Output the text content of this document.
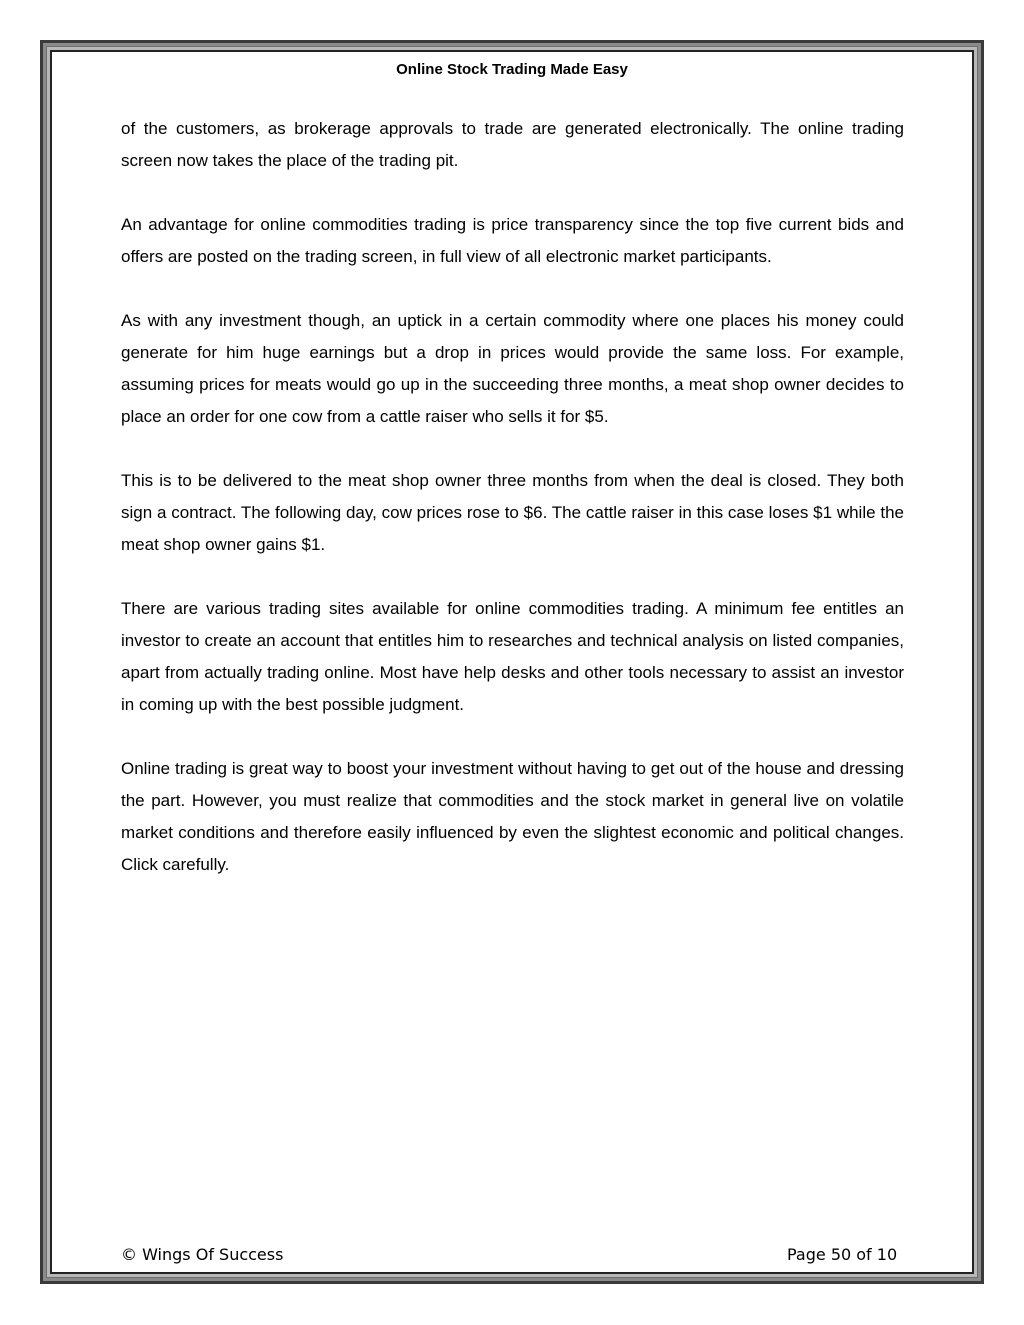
Online Stock Trading Made Easy

of the customers, as brokerage approvals to trade are generated electronically. The online trading screen now takes the place of the trading pit.

An advantage for online commodities trading is price transparency since the top five current bids and offers are posted on the trading screen, in full view of all electronic market participants.

As with any investment though, an uptick in a certain commodity where one places his money could generate for him huge earnings but a drop in prices would provide the same loss. For example, assuming prices for meats would go up in the succeeding three months, a meat shop owner decides to place an order for one cow from a cattle raiser who sells it for $5.

This is to be delivered to the meat shop owner three months from when the deal is closed. They both sign a contract. The following day, cow prices rose to $6. The cattle raiser in this case loses $1 while the meat shop owner gains $1.

There are various trading sites available for online commodities trading. A minimum fee entitles an investor to create an account that entitles him to researches and technical analysis on listed companies, apart from actually trading online. Most have help desks and other tools necessary to assist an investor in coming up with the best possible judgment.

Online trading is great way to boost your investment without having to get out of the house and dressing the part. However, you must realize that commodities and the stock market in general live on volatile market conditions and therefore easily influenced by even the slightest economic and political changes. Click carefully.

© Wings Of Success	Page 50 of 10
